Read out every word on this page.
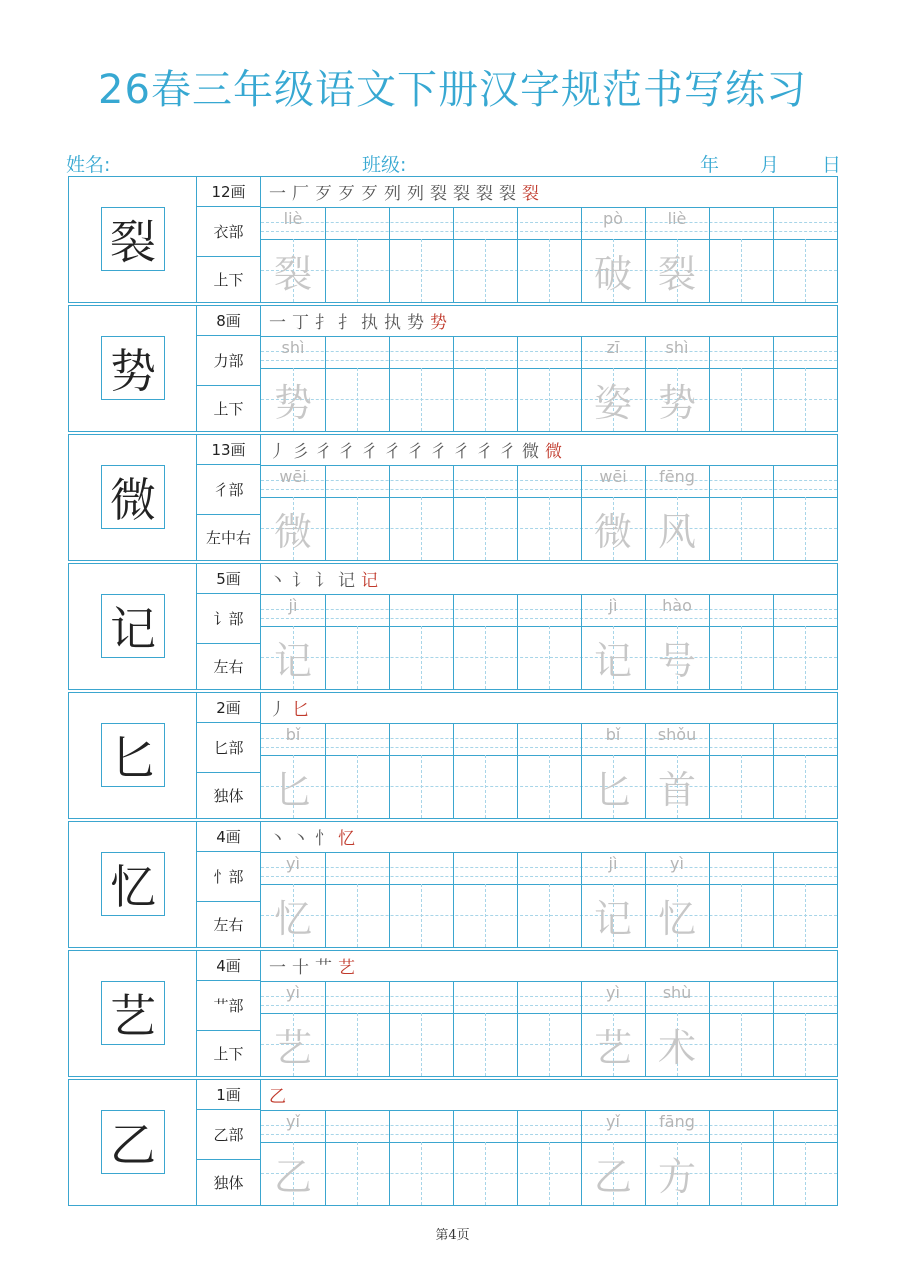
26春三年级语文下册汉字规范书写练习
姓名:	班级:	年 月 日
裂
12画
衣部
上下
一厂歹歹歹列列裂裂裂裂裂
liè
裂
pò
破
liè
裂
势
8画
力部
上下
一丁扌扌执执势势
shì
势
zī
姿
shì
势
微
13画
彳部
左中右
丿彡彳彳彳彳彳彳彳彳彳微微
wēi
微
wēi
微
fēng
风
记
5画
讠部
左右
丶讠讠记记
jì
记
jì
记
hào
号
匕
2画
匕部
独体
丿匕
bǐ
匕
bǐ
匕
shǒu
首
忆
4画
忄部
左右
丶丶忄忆
yì
忆
jì
记
yì
忆
艺
4画
艹部
上下
一十艹艺
yì
艺
yì
艺
shù
术
乙
1画
乙部
独体
乙
yǐ
乙
yǐ
乙
fāng
方
第4页
